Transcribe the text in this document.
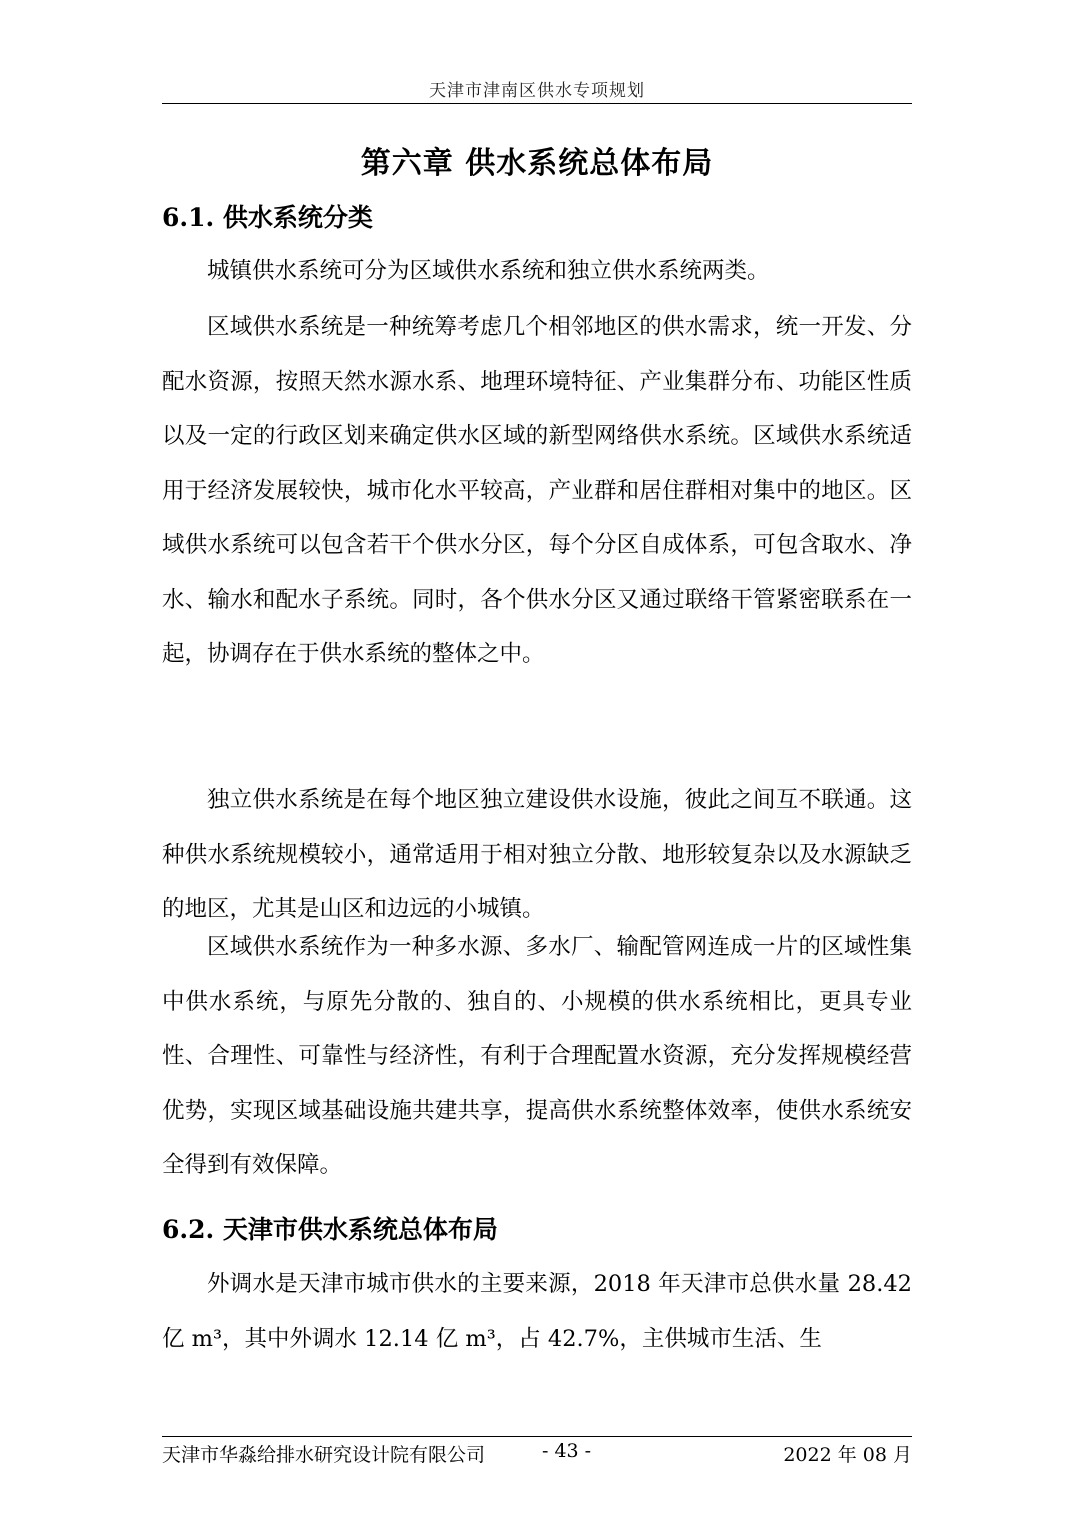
天津市津南区供水专项规划
第六章 供水系统总体布局
6.1. 供水系统分类
城镇供水系统可分为区域供水系统和独立供水系统两类。
区域供水系统是一种统筹考虑几个相邻地区的供水需求，统一开发、分配水资源，按照天然水源水系、地理环境特征、产业集群分布、功能区性质以及一定的行政区划来确定供水区域的新型网络供水系统。区域供水系统适用于经济发展较快，城市化水平较高，产业群和居住群相对集中的地区。区域供水系统可以包含若干个供水分区，每个分区自成体系，可包含取水、净水、输水和配水子系统。同时，各个供水分区又通过联络干管紧密联系在一起，协调存在于供水系统的整体之中。
独立供水系统是在每个地区独立建设供水设施，彼此之间互不联通。这种供水系统规模较小，通常适用于相对独立分散、地形较复杂以及水源缺乏的地区，尤其是山区和边远的小城镇。
区域供水系统作为一种多水源、多水厂、输配管网连成一片的区域性集中供水系统，与原先分散的、独自的、小规模的供水系统相比，更具专业性、合理性、可靠性与经济性，有利于合理配置水资源，充分发挥规模经营优势，实现区域基础设施共建共享，提高供水系统整体效率，使供水系统安全得到有效保障。
6.2. 天津市供水系统总体布局
外调水是天津市城市供水的主要来源，2018 年天津市总供水量 28.42 亿 m³，其中外调水 12.14 亿 m³，占 42.7%，主供城市生活、生
天津市华淼给排水研究设计院有限公司	- 43 -	2022 年 08 月
